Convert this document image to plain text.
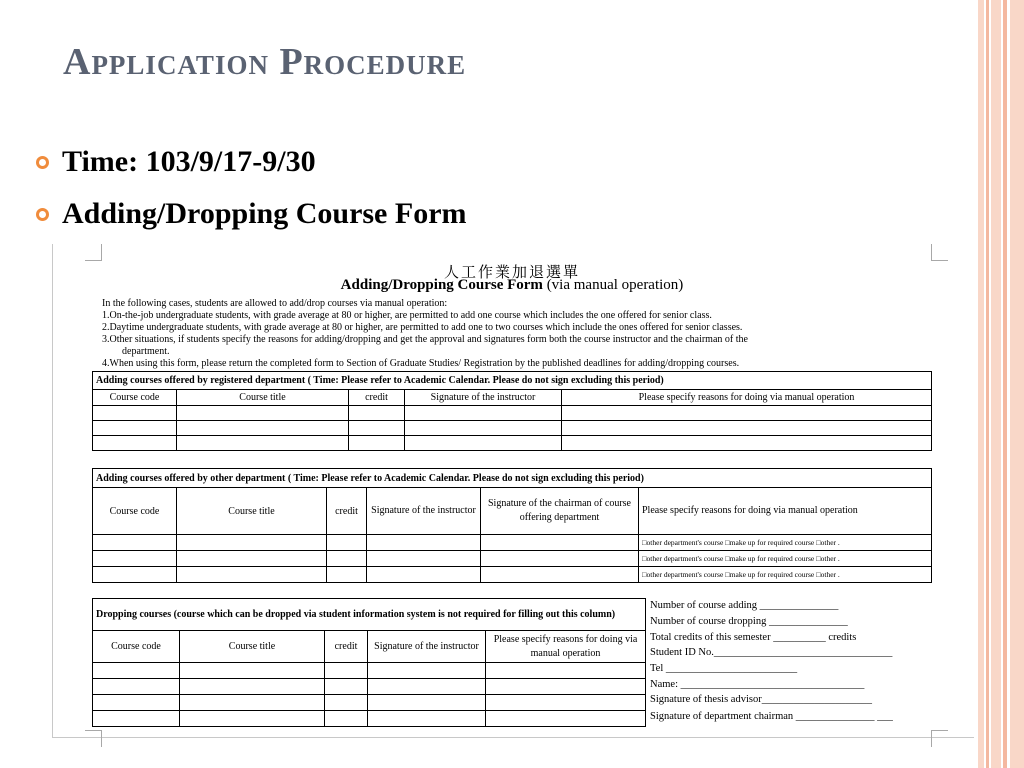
Application Procedure
Time: 103/9/17-9/30
Adding/Dropping Course Form
人工作業加退選單
Adding/Dropping Course Form (via manual operation)
In the following cases, students are allowed to add/drop courses via manual operation:
1.On-the-job undergraduate students, with grade average at 80 or higher, are permitted to add one course which includes the one offered for senior class.
2.Daytime undergraduate students, with grade average at 80 or higher, are permitted to add one to two courses which include the ones offered for senior classes.
3.Other situations, if students specify the reasons for adding/dropping and get the approval and signatures form both the course instructor and the chairman of the
department.
4.When using this form, please return the completed form to Section of Graduate Studies/ Registration by the published deadlines for adding/dropping courses.
Adding courses offered by registered department ( Time: Please refer to Academic Calendar. Please do not sign excluding this period)				
Course code	Course title	credit	Signature of the instructor	Please specify reasons for doing via manual operation

Adding courses offered by other department ( Time: Please refer to Academic Calendar. Please do not sign excluding this period)					
Course code	Course title	credit	Signature of the instructor	Signature of the chairman of course offering department	Please specify reasons for doing via manual operation
					□other department's course □make up for required course □other .
					□other department's course □make up for required course □other .
					□other department's course □make up for required course □other .
Dropping courses (course which can be dropped via student information system is not required for filling out this column)				
Course code	Course title	credit	Signature of the instructor	Please specify reasons for doing via manual operation

Number of course adding _______________
Number of course dropping _______________
Total credits of this semester __________ credits
Student ID No.__________________________________
Tel _________________________
Name: ___________________________________
Signature of thesis advisor_____________________
Signature of department chairman _______________ ___
